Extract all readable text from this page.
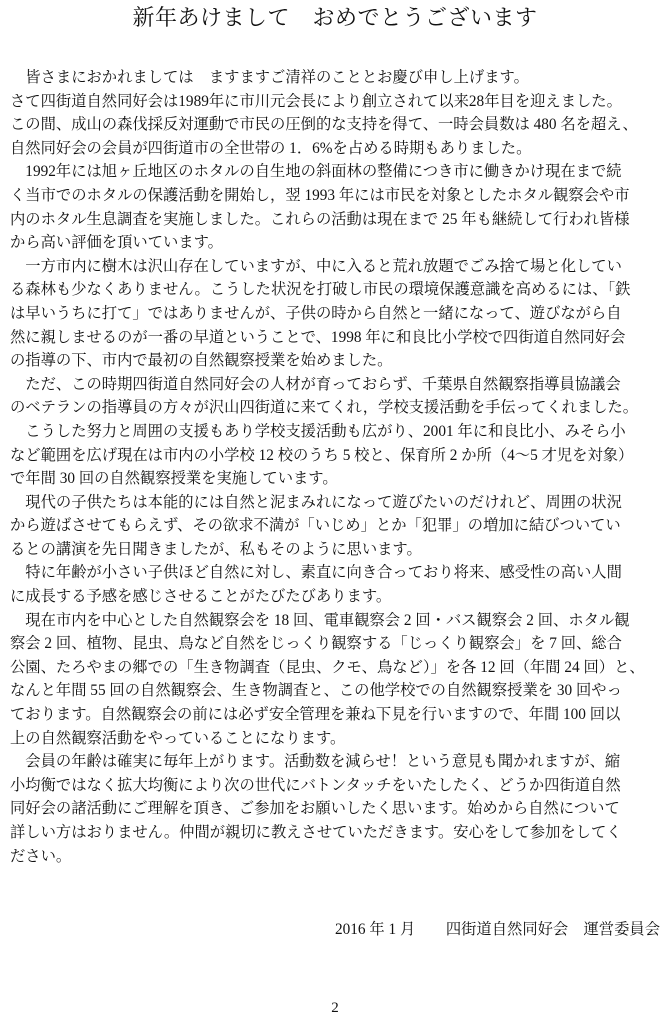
新年あけまして　おめでとうございます
皆さまにおかれましては　ますますご清祥のこととお慶び申し上げます。
さて四街道自然同好会は1989年に市川元会長により創立されて以来28年目を迎えました。
この間、成山の森伐採反対運動で市民の圧倒的な支持を得て、一時会員数は 480 名を超え、
自然同好会の会員が四街道市の全世帯の 1．6%を占める時期もありました。
1992年には旭ヶ丘地区のホタルの自生地の斜面林の整備につき市に働きかけ現在まで続
く当市でのホタルの保護活動を開始し，翌 1993 年には市民を対象としたホタル観察会や市
内のホタル生息調査を実施しました。これらの活動は現在まで 25 年も継続して行われ皆様
から高い評価を頂いています。
一方市内に樹木は沢山存在していますが、中に入ると荒れ放題でごみ捨て場と化してい
る森林も少なくありません。こうした状況を打破し市民の環境保護意識を高めるには、「鉄
は早いうちに打て」ではありませんが、子供の時から自然と一緒になって、遊びながら自
然に親しませるのが一番の早道ということで、1998 年に和良比小学校で四街道自然同好会
の指導の下、市内で最初の自然観察授業を始めました。
ただ、この時期四街道自然同好会の人材が育っておらず、千葉県自然観察指導員協議会
のベテランの指導員の方々が沢山四街道に来てくれ，学校支援活動を手伝ってくれました。
こうした努力と周囲の支援もあり学校支援活動も広がり、2001 年に和良比小、みそら小
など範囲を広げ現在は市内の小学校 12 校のうち 5 校と、保育所 2 か所（4～5 才児を対象）
で年間 30 回の自然観察授業を実施しています。
現代の子供たちは本能的には自然と泥まみれになって遊びたいのだけれど、周囲の状況
から遊ばさせてもらえず、その欲求不満が「いじめ」とか「犯罪」の増加に結びついてい
るとの講演を先日聞きましたが、私もそのように思います。
特に年齢が小さい子供ほど自然に対し、素直に向き合っており将来、感受性の高い人間
に成長する予感を感じさせることがたびたびあります。
現在市内を中心とした自然観察会を 18 回、電車観察会 2 回・バス観察会 2 回、ホタル観
察会 2 回、植物、昆虫、鳥など自然をじっくり観察する「じっくり観察会」を 7 回、総合
公園、たろやまの郷での「生き物調査（昆虫、クモ、鳥など）」を各 12 回（年間 24 回）と、
なんと年間 55 回の自然観察会、生き物調査と、この他学校での自然観察授業を 30 回やっ
ております。自然観察会の前には必ず安全管理を兼ね下見を行いますので、年間 100 回以
上の自然観察活動をやっていることになります。
会員の年齢は確実に毎年上がります。活動数を減らせ！という意見も聞かれますが、縮
小均衡ではなく拡大均衡により次の世代にバトンタッチをいたしたく、どうか四街道自然
同好会の諸活動にご理解を頂き、ご参加をお願いしたく思います。始めから自然について
詳しい方はおりません。仲間が親切に教えさせていただきます。安心をして参加をしてく
ださい。
2016 年 1 月　　四街道自然同好会　運営委員会
2
